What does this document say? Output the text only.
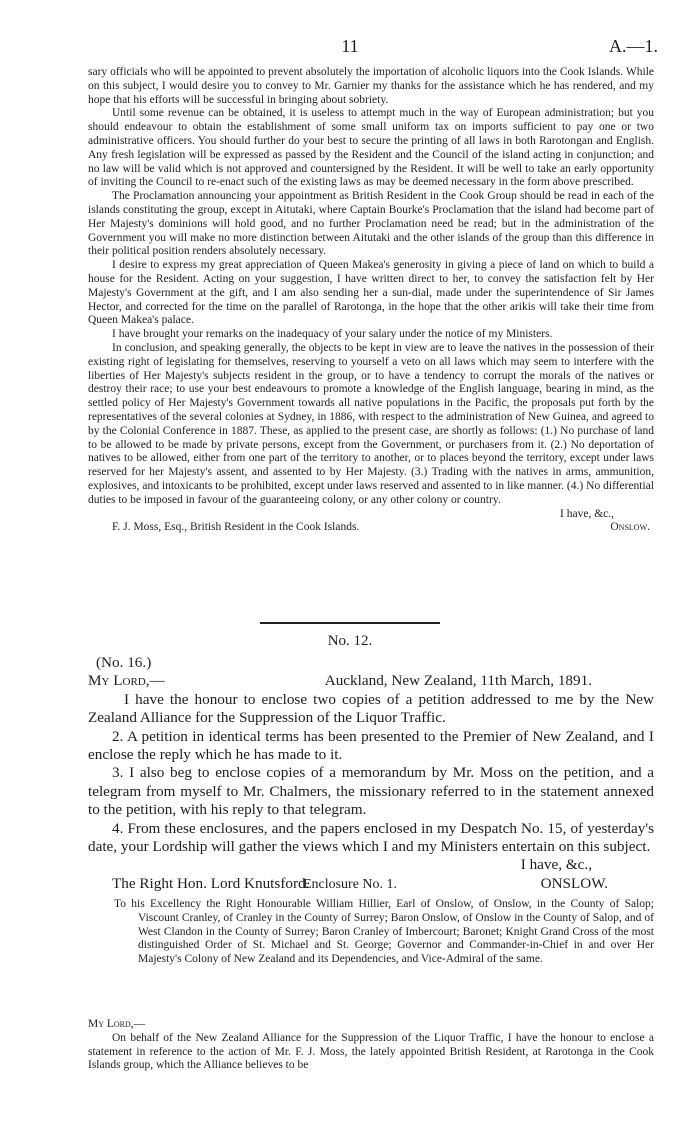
11	A.—1.

sary officials who will be appointed to prevent absolutely the importation of alcoholic liquors into the Cook Islands. While on this subject, I would desire you to convey to Mr. Garnier my thanks for the assistance which he has rendered, and my hope that his efforts will be successful in bringing about sobriety.

Until some revenue can be obtained, it is useless to attempt much in the way of European administration; but you should endeavour to obtain the establishment of some small uniform tax on imports sufficient to pay one or two administrative officers. You should further do your best to secure the printing of all laws in both Rarotongan and English. Any fresh legislation will be expressed as passed by the Resident and the Council of the island acting in conjunction; and no law will be valid which is not approved and countersigned by the Resident. It will be well to take an early opportunity of inviting the Council to re-enact such of the existing laws as may be deemed necessary in the form above prescribed.

The Proclamation announcing your appointment as British Resident in the Cook Group should be read in each of the islands constituting the group, except in Aitutaki, where Captain Bourke's Proclamation that the island had become part of Her Majesty's dominions will hold good, and no further Proclamation need be read; but in the administration of the Government you will make no more distinction between Aitutaki and the other islands of the group than this difference in their political position renders absolutely necessary.

I desire to express my great appreciation of Queen Makea's generosity in giving a piece of land on which to build a house for the Resident. Acting on your suggestion, I have written direct to her, to convey the satisfaction felt by Her Majesty's Government at the gift, and I am also sending her a sun-dial, made under the superintendence of Sir James Hector, and corrected for the time on the parallel of Rarotonga, in the hope that the other arikis will take their time from Queen Makea's palace.

I have brought your remarks on the inadequacy of your salary under the notice of my Ministers.

In conclusion, and speaking generally, the objects to be kept in view are to leave the natives in the possession of their existing right of legislating for themselves, reserving to yourself a veto on all laws which may seem to interfere with the liberties of Her Majesty's subjects resident in the group, or to have a tendency to corrupt the morals of the natives or destroy their race; to use your best endeavours to promote a knowledge of the English language, bearing in mind, as the settled policy of Her Majesty's Government towards all native populations in the Pacific, the proposals put forth by the representatives of the several colonies at Sydney, in 1886, with respect to the administration of New Guinea, and agreed to by the Colonial Conference in 1887. These, as applied to the present case, are shortly as follows: (1.) No purchase of land to be allowed to be made by private persons, except from the Government, or purchasers from it. (2.) No deportation of natives to be allowed, either from one part of the territory to another, or to places beyond the territory, except under laws reserved for her Majesty's assent, and assented to by Her Majesty. (3.) Trading with the natives in arms, ammunition, explosives, and intoxicants to be prohibited, except under laws reserved and assented to in like manner. (4.) No differential duties to be imposed in favour of the guaranteeing colony, or any other colony or country.

I have, &c.,
F. J. Moss, Esq., British Resident in the Cook Islands.	Onslow.
No. 12.

(No. 16.)

My Lord,—	Auckland, New Zealand, 11th March, 1891.

I have the honour to enclose two copies of a petition addressed to me by the New Zealand Alliance for the Suppression of the Liquor Traffic.

2. A petition in identical terms has been presented to the Premier of New Zealand, and I enclose the reply which he has made to it.

3. I also beg to enclose copies of a memorandum by Mr. Moss on the petition, and a telegram from myself to Mr. Chalmers, the missionary referred to in the statement annexed to the petition, with his reply to that telegram.

4. From these enclosures, and the papers enclosed in my Despatch No. 15, of yesterday's date, your Lordship will gather the views which I and my Ministers entertain on this subject.

I have, &c.,
The Right Hon. Lord Knutsford.	ONSLOW.
Enclosure No. 1.

To his Excellency the Right Honourable William Hillier, Earl of Onslow, of Onslow, in the County of Salop; Viscount Cranley, of Cranley in the County of Surrey; Baron Onslow, of Onslow in the County of Salop, and of West Clandon in the County of Surrey; Baron Cranley of Imbercourt; Baronet; Knight Grand Cross of the most distinguished Order of St. Michael and St. George; Governor and Commander-in-Chief in and over Her Majesty's Colony of New Zealand and its Dependencies, and Vice-Admiral of the same.

My Lord,—

On behalf of the New Zealand Alliance for the Suppression of the Liquor Traffic, I have the honour to enclose a statement in reference to the action of Mr. F. J. Moss, the lately appointed British Resident, at Rarotonga in the Cook Islands group, which the Alliance believes to be
